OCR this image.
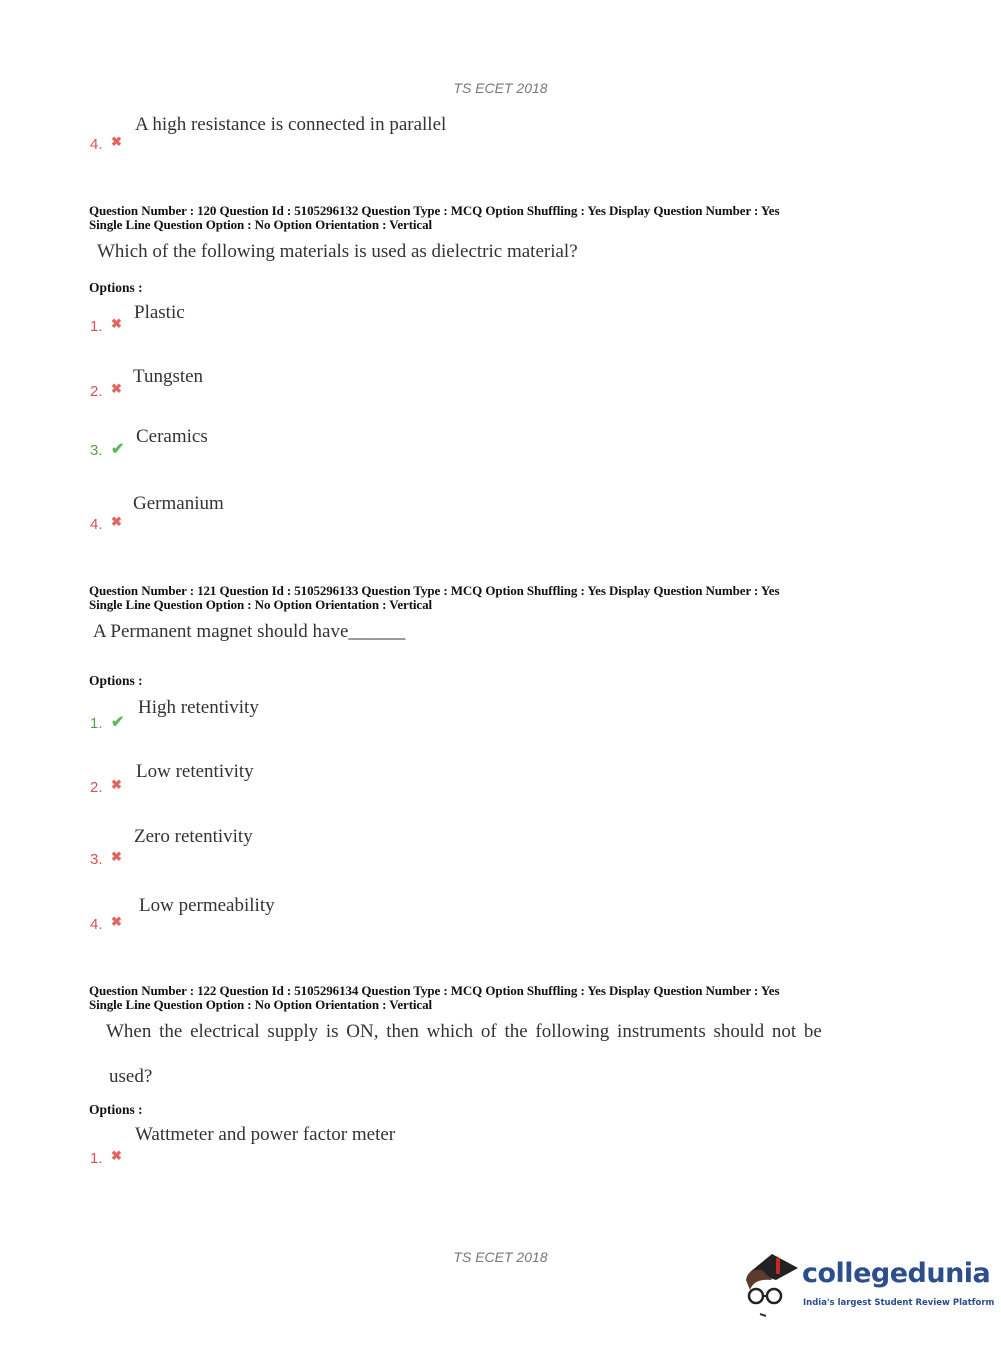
TS ECET 2018
A high resistance is connected in parallel
4. ✖
Question Number : 120 Question Id : 5105296132 Question Type : MCQ Option Shuffling : Yes Display Question Number : Yes
Single Line Question Option : No Option Orientation : Vertical
Which of the following materials is used as dielectric material?
Options :
Question Number : 121 Question Id : 5105296133 Question Type : MCQ Option Shuffling : Yes Display Question Number : Yes
Single Line Question Option : No Option Orientation : Vertical
A Permanent magnet should have______
Options :
Question Number : 122 Question Id : 5105296134 Question Type : MCQ Option Shuffling : Yes Display Question Number : Yes
Single Line Question Option : No Option Orientation : Vertical
When the electrical supply is ON, then which of the following instruments should not be
used?
Options :
Plastic
1. ✖
Tungsten
2. ✖
Ceramics
3. ✔
Germanium
4. ✖
High retentivity
1. ✔
Low retentivity
2. ✖
Zero retentivity
3. ✖
Low permeability
4. ✖
Wattmeter and power factor meter
1. ✖
TS ECET 2018
collegedunia
India's largest Student Review Platform
